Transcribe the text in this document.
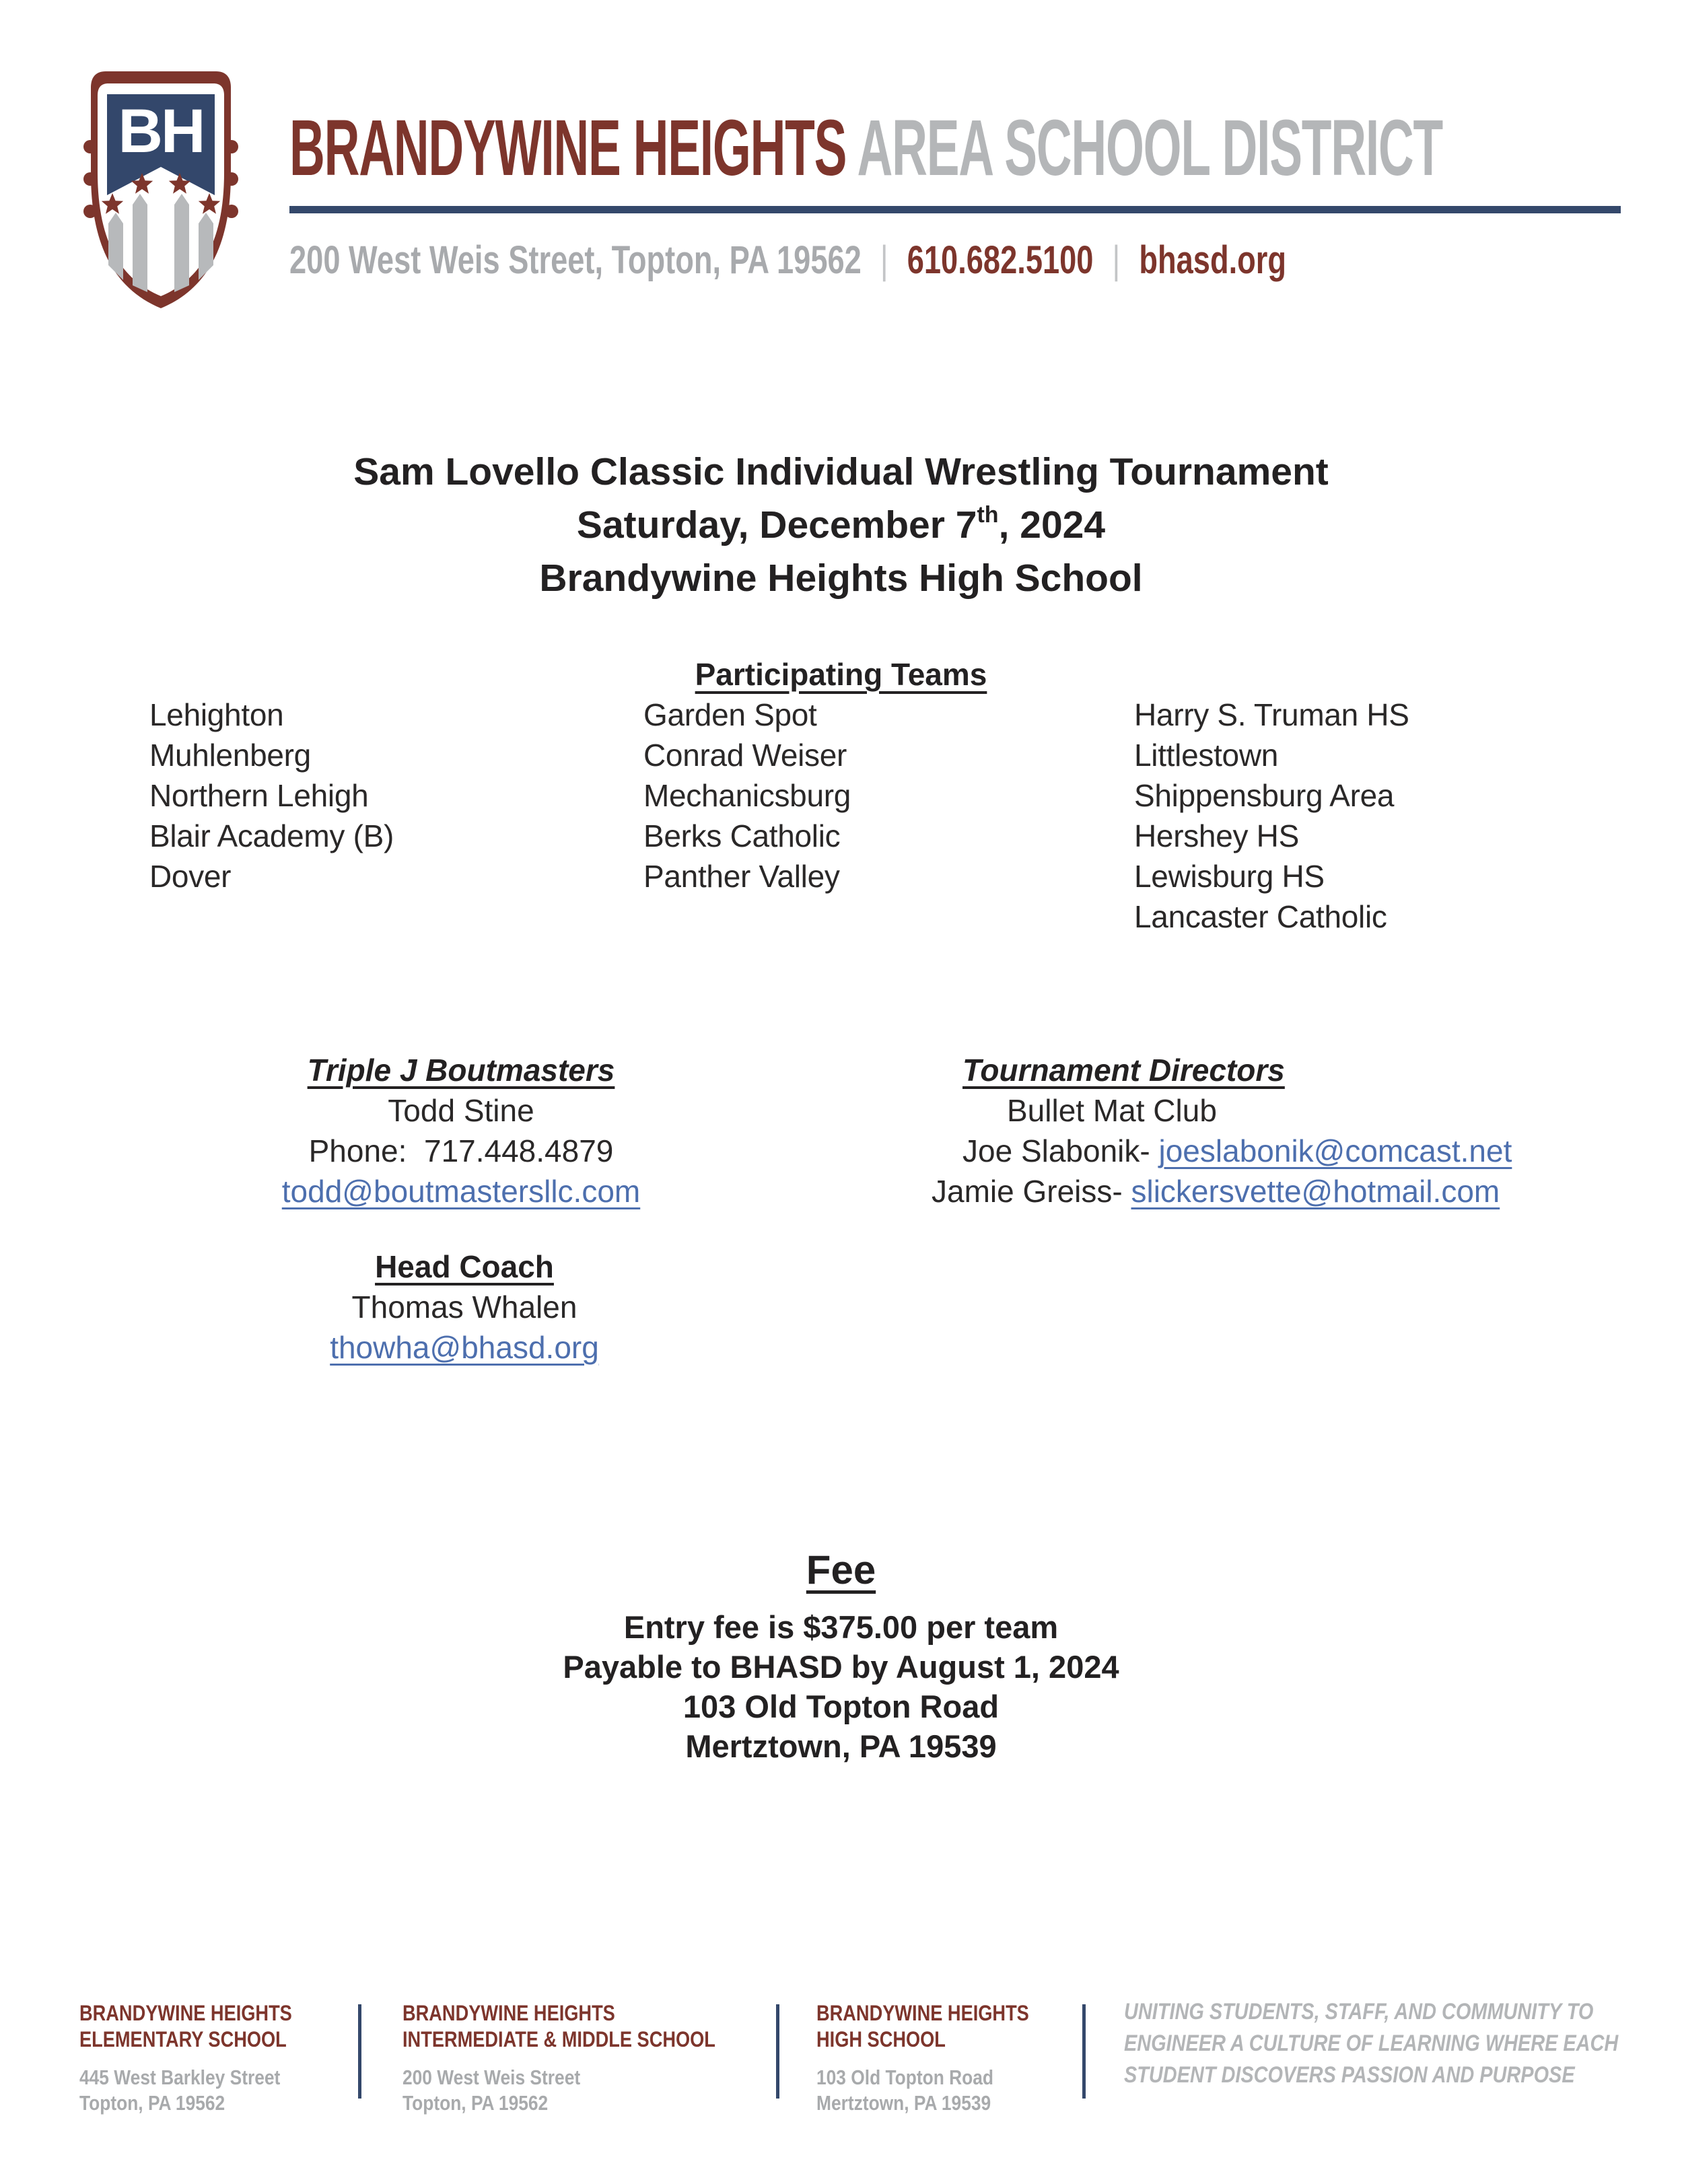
BH BRANDYWINE HEIGHTS AREA SCHOOL DISTRICT
200 West Weis Street, Topton, PA 19562 | 610.682.5100 | bhasd.org
Sam Lovello Classic Individual Wrestling Tournament
Saturday, December 7th, 2024
Brandywine Heights High School
Participating Teams
Lehighton
Muhlenberg
Northern Lehigh
Blair Academy (B)
Dover
Garden Spot
Conrad Weiser
Mechanicsburg
Berks Catholic
Panther Valley
Harry S. Truman HS
Littlestown
Shippensburg Area
Hershey HS
Lewisburg HS
Lancaster Catholic
Triple J Boutmasters
Todd Stine
Phone:  717.448.4879
todd@boutmastersllc.com
Tournament Directors
Bullet Mat Club
Joe Slabonik- joeslabonik@comcast.net
Jamie Greiss- slickersvette@hotmail.com
Head Coach
Thomas Whalen
thowha@bhasd.org
Fee
Entry fee is $375.00 per team
Payable to BHASD by August 1, 2024
103 Old Topton Road
Mertztown, PA 19539
BRANDYWINE HEIGHTS
ELEMENTARY SCHOOL
445 West Barkley Street
Topton, PA 19562
BRANDYWINE HEIGHTS
INTERMEDIATE & MIDDLE SCHOOL
200 West Weis Street
Topton, PA 19562
BRANDYWINE HEIGHTS
HIGH SCHOOL
103 Old Topton Road
Mertztown, PA 19539
UNITING STUDENTS, STAFF, AND COMMUNITY TO
ENGINEER A CULTURE OF LEARNING WHERE EACH
STUDENT DISCOVERS PASSION AND PURPOSE
